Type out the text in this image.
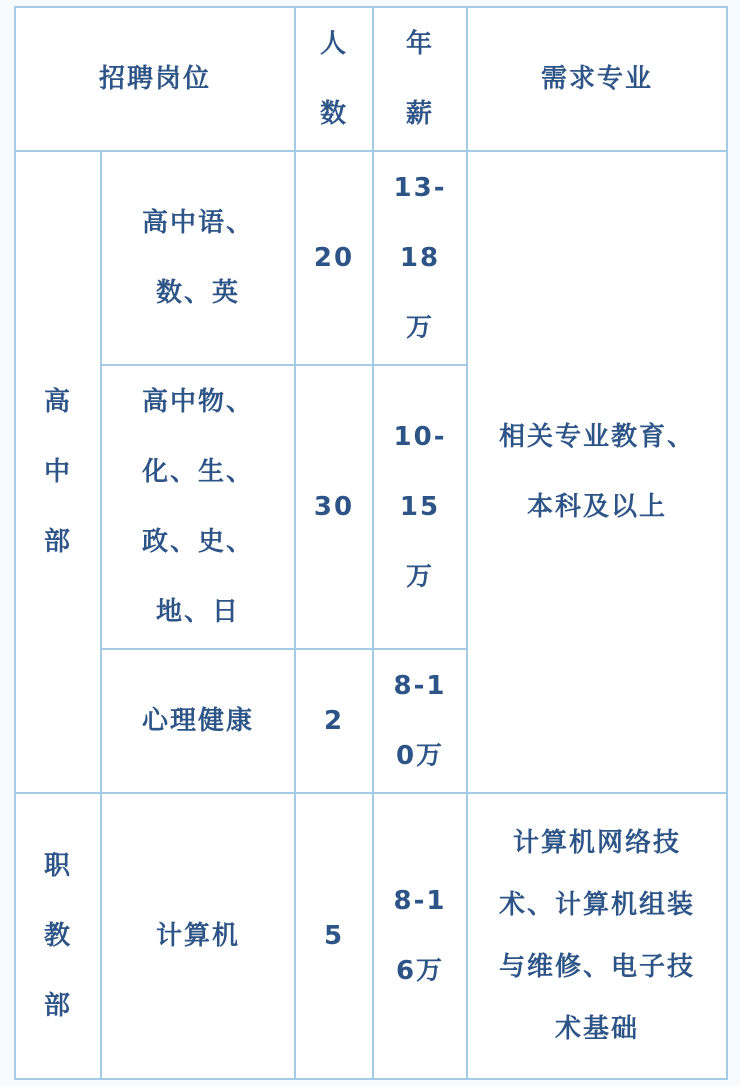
招聘岗位		人数	年薪	需求专业
高中部	高中语、数、英	20	13-18万	相关专业教育、本科及以上
	高中物、化、生、政、史、地、日	30	10-15万	
	心理健康	2	8-10万	
职教部	计算机	5	8-16万	计算机网络技术、计算机组装与维修、电子技术基础
